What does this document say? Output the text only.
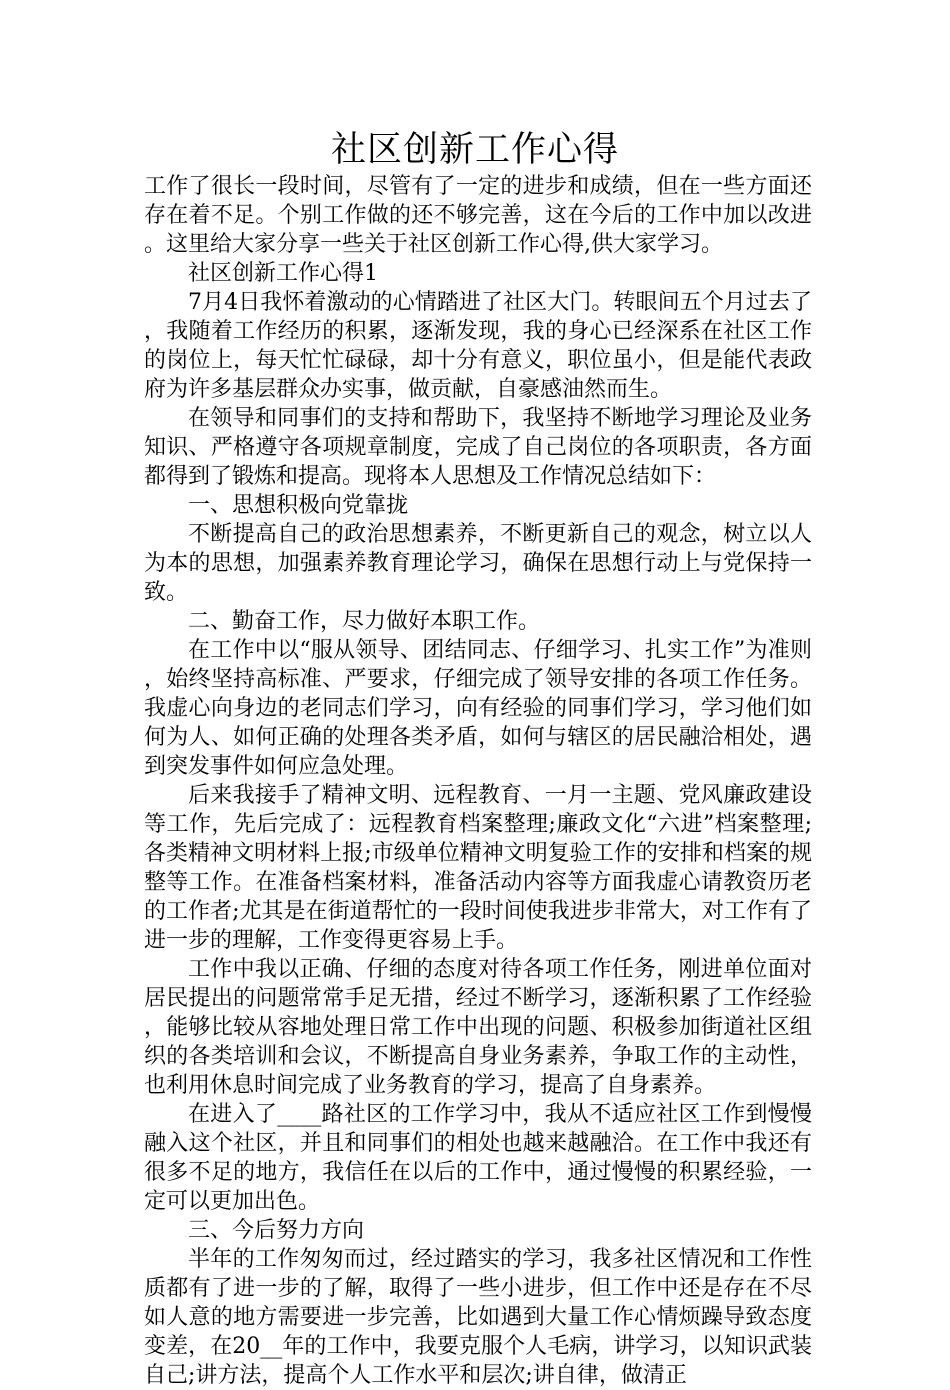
社区创新工作心得

工作了很长一段时间，尽管有了一定的进步和成绩，但在一些方面还存在着不足。个别工作做的还不够完善，这在今后的工作中加以改进。这里给大家分享一些关于社区创新工作心得,供大家学习。

社区创新工作心得1

7月4日我怀着激动的心情踏进了社区大门。转眼间五个月过去了，我随着工作经历的积累，逐渐发现，我的身心已经深系在社区工作的岗位上，每天忙忙碌碌，却十分有意义，职位虽小，但是能代表政府为许多基层群众办实事，做贡献，自豪感油然而生。

在领导和同事们的支持和帮助下，我坚持不断地学习理论及业务知识、严格遵守各项规章制度，完成了自己岗位的各项职责，各方面都得到了锻炼和提高。现将本人思想及工作情况总结如下：

一、思想积极向党靠拢

不断提高自己的政治思想素养，不断更新自己的观念，树立以人为本的思想，加强素养教育理论学习，确保在思想行动上与党保持一致。

二、勤奋工作，尽力做好本职工作。

在工作中以“服从领导、团结同志、仔细学习、扎实工作”为准则，始终坚持高标准、严要求，仔细完成了领导安排的各项工作任务。我虚心向身边的老同志们学习，向有经验的同事们学习，学习他们如何为人、如何正确的处理各类矛盾，如何与辖区的居民融洽相处，遇到突发事件如何应急处理。

后来我接手了精神文明、远程教育、一月一主题、党风廉政建设等工作，先后完成了：远程教育档案整理;廉政文化“六进”档案整理;各类精神文明材料上报;市级单位精神文明复验工作的安排和档案的规整等工作。在准备档案材料，准备活动内容等方面我虚心请教资历老的工作者;尤其是在街道帮忙的一段时间使我进步非常大，对工作有了进一步的理解，工作变得更容易上手。

工作中我以正确、仔细的态度对待各项工作任务，刚进单位面对居民提出的问题常常手足无措，经过不断学习，逐渐积累了工作经验，能够比较从容地处理日常工作中出现的问题、积极参加街道社区组织的各类培训和会议，不断提高自身业务素养，争取工作的主动性，也利用休息时间完成了业务教育的学习，提高了自身素养。

在进入了____路社区的工作学习中，我从不适应社区工作到慢慢融入这个社区，并且和同事们的相处也越来越融洽。在工作中我还有很多不足的地方，我信任在以后的工作中，通过慢慢的积累经验，一定可以更加出色。

三、今后努力方向

半年的工作匆匆而过，经过踏实的学习，我多社区情况和工作性质都有了进一步的了解，取得了一些小进步，但工作中还是存在不尽如人意的地方需要进一步完善，比如遇到大量工作心情烦躁导致态度变差，在20__年的工作中，我要克服个人毛病，讲学习，以知识武装自己;讲方法，提高个人工作水平和层次;讲自律，做清正
